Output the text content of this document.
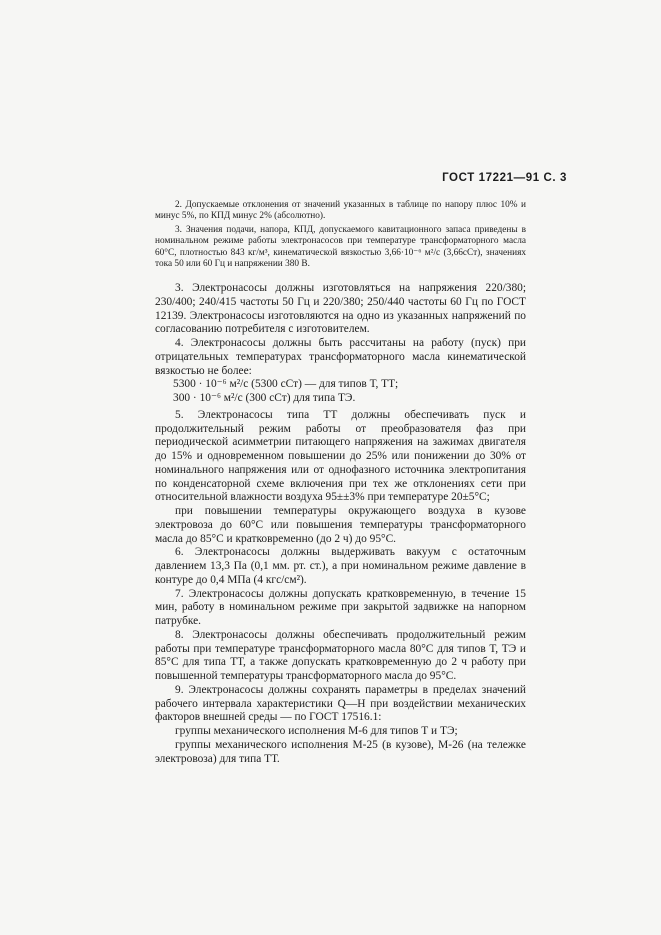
ГОСТ 17221—91 С. 3

2. Допускаемые отклонения от значений указанных в таблице по напору плюс 10% и минус 5%, по КПД минус 2% (абсолютно).

3. Значения подачи, напора, КПД, допускаемого кавитационного запаса приведены в номинальном режиме работы электронасосов при температуре трансформаторного масла 60°С, плотностью 843 кг/м³, кинематической вязкостью 3,66·10⁻⁶ м²/с (3,66сСт), значениях тока 50 или 60 Гц и напряжении 380 В.

3. Электронасосы должны изготовляться на напряжения 220/380; 230/400; 240/415 частоты 50 Гц и 220/380; 250/440 частоты 60 Гц по ГОСТ 12139. Электронасосы изготовляются на одно из указанных напряжений по согласованию потребителя с изготовителем.

4. Электронасосы должны быть рассчитаны на работу (пуск) при отрицательных температурах трансформаторного масла кинематической вязкостью не более:

5300 · 10⁻⁶ м²/с (5300 сСт) — для типов Т, ТТ;

300 · 10⁻⁶ м²/с (300 сСт) для типа ТЭ.

5. Электронасосы типа ТТ должны обеспечивать пуск и продолжительный режим работы от преобразователя фаз при периодической асимметрии питающего напряжения на зажимах двигателя до 15% и одновременном повышении до 25% или понижении до 30% от номинального напряжения или от однофазного источника электропитания по конденсаторной схеме включения при тех же отклонениях сети при относительной влажности воздуха 95±±3% при температуре 20±5°С;

при повышении температуры окружающего воздуха в кузове электровоза до 60°С или повышения температуры трансформаторного масла до 85°С и кратковременно (до 2 ч) до 95°С.

6. Электронасосы должны выдерживать вакуум с остаточным давлением 13,3 Па (0,1 мм. рт. ст.), а при номинальном режиме давление в контуре до 0,4 МПа (4 кгс/см²).

7. Электронасосы должны допускать кратковременную, в течение 15 мин, работу в номинальном режиме при закрытой задвижке на напорном патрубке.

8. Электронасосы должны обеспечивать продолжительный режим работы при температуре трансформаторного масла 80°С для типов Т, ТЭ и 85°С для типа ТТ, а также допускать кратковременную до 2 ч работу при повышенной температуры трансформаторного масла до 95°С.

9. Электронасосы должны сохранять параметры в пределах значений рабочего интервала характеристики Q—H при воздействии механических факторов внешней среды — по ГОСТ 17516.1:

группы механического исполнения М-6 для типов Т и ТЭ;

группы механического исполнения М-25 (в кузове), М-26 (на тележке электровоза) для типа ТТ.
